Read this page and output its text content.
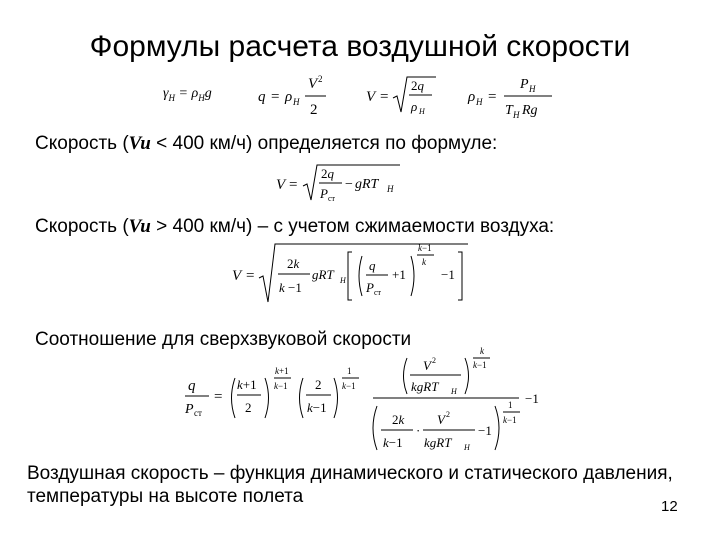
Формулы расчета воздушной скорости
$\gamma_H = \rho_Hg$	q = ρ H
V 2
2
V =
2q
ρ H
ρ H =
P H
T H Rg
Скорость (Vu < 400 км/ч) определяется по формуле:
V =
2q
P ст
− gRT H
Скорость (Vu > 400 км/ч) – с учетом сжимаемости воздуха:
V =
2k
k −1
gRT H
q
P ст
+1
k−1
k
−1
Соотношение для сверхзвуковой скорости
q
P ст
=
k+1
2
k+1
k−1 2
k−1
1
k−1
V 2
kgRT H
k
k−1
2k
k−1
·
V 2
kgRT H
−1
1
k−1
−1
Воздушная скорость – функция динамического и статического давления,
температуры на высоте полета	12
